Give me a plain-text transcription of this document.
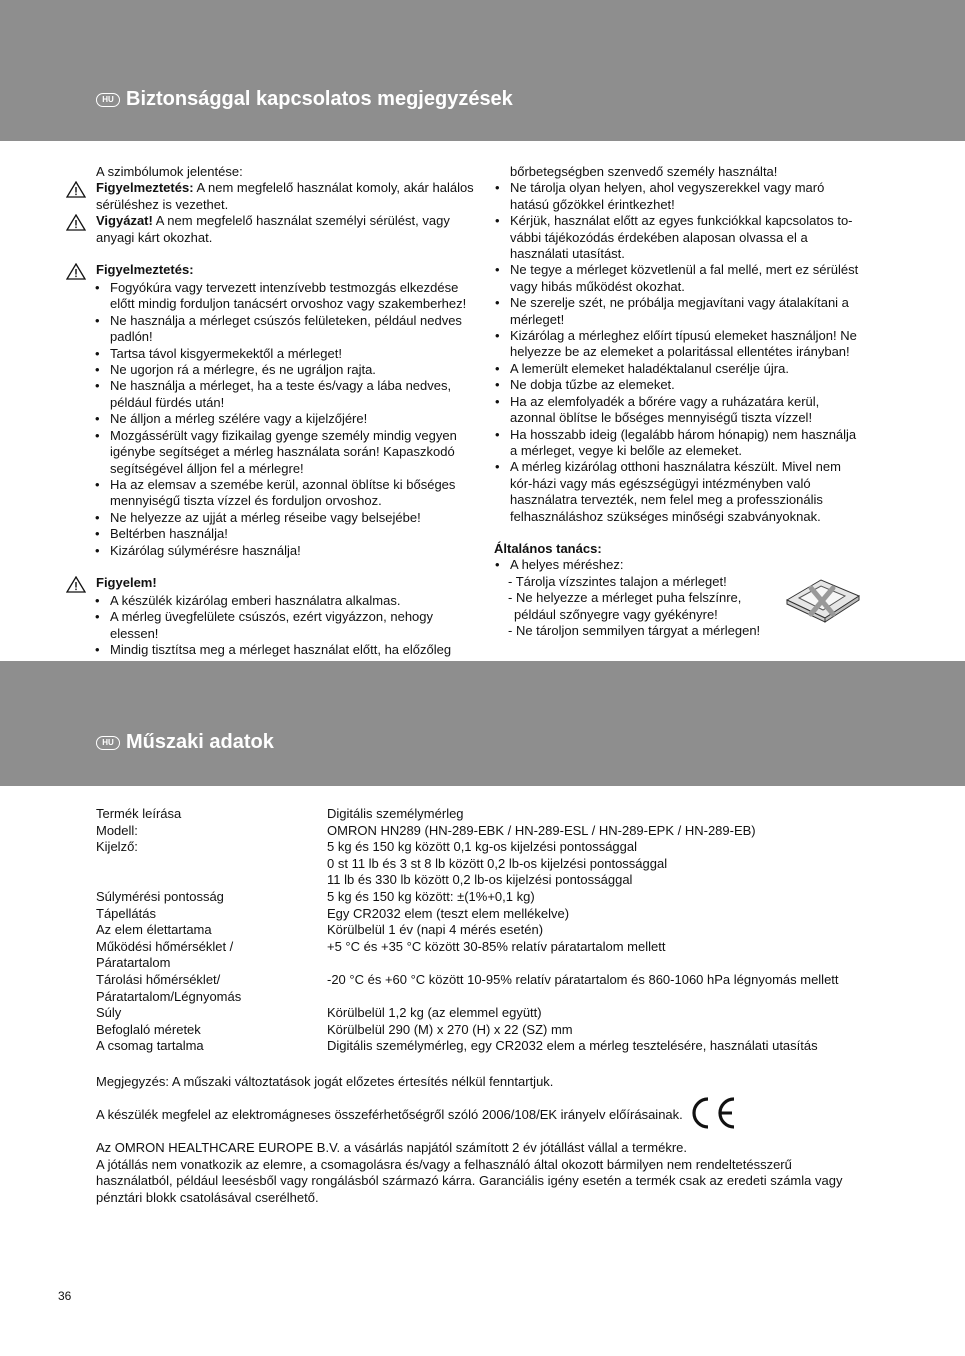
HU Biztonsággal kapcsolatos megjegyzések
A szimbólumok jelentése:
Figyelmeztetés: A nem megfelelő használat komoly, akár halálos sérüléshez is vezethet.
Vigyázat! A nem megfelelő használat személyi sérülést, vagy anyagi kárt okozhat.
Figyelmeztetés:
• Fogyókúra vagy tervezett intenzívebb testmozgás elkezdése előtt mindig forduljon tanácsért orvoshoz vagy szakemberhez!
• Ne használja a mérleget csúszós felületeken, például nedves padlón!
• Tartsa távol kisgyermekektől a mérleget!
• Ne ugorjon rá a mérlegre, és ne ugráljon rajta.
• Ne használja a mérleget, ha a teste és/vagy a lába nedves, például fürdés után!
• Ne álljon a mérleg szélére vagy a kijelzőjére!
• Mozgássérült vagy fizikailag gyenge személy mindig vegyen igénybe segítséget a mérleg használata során! Kapaszkodó segítségével álljon fel a mérlegre!
• Ha az elemsav a szemébe kerül, azonnal öblítse ki bőséges mennyiségű tiszta vízzel és forduljon orvoshoz.
• Ne helyezze az ujját a mérleg réseibe vagy belsejébe!
• Beltérben használja!
• Kizárólag súlymérésre használja!
Figyelem!
• A készülék kizárólag emberi használatra alkalmas.
• A mérleg üvegfelülete csúszós, ezért vigyázzon, nehogy elessen!
• Mindig tisztítsa meg a mérleget használat előtt, ha előzőleg
bőrbetegségben szenvedő személy használta!
• Ne tárolja olyan helyen, ahol vegyszerekkel vagy maró hatású gőzökkel érintkezhet!
• Kérjük, használat előtt az egyes funkciókkal kapcsolatos to-vábbi tájékozódás érdekében alaposan olvassa el a használati utasítást.
• Ne tegye a mérleget közvetlenül a fal mellé, mert ez sérülést vagy hibás működést okozhat.
• Ne szerelje szét, ne próbálja megjavítani vagy átalakítani a mérleget!
• Kizárólag a mérleghez előírt típusú elemeket használjon! Ne helyezze be az elemeket a polaritással ellentétes irányban!
• A lemerült elemeket haladéktalanul cserélje újra.
• Ne dobja tűzbe az elemeket.
• Ha az elemfolyadék a bőrére vagy a ruházatára kerül, azonnal öblítse le bőséges mennyiségű tiszta vízzel!
• Ha hosszabb ideig (legalább három hónapig) nem használja a mérleget, vegye ki belőle az elemeket.
• A mérleg kizárólag otthoni használatra készült. Mivel nem kór-házi vagy más egészségügyi intézményben való használatra tervezték, nem felel meg a professzionális felhasználáshoz szükséges minőségi szabványoknak.
Általános tanács:
• A helyes méréshez:
- Tárolja vízszintes talajon a mérleget!
- Ne helyezze a mérleget puha felszínre,
például szőnyegre vagy gyékényre!
- Ne tároljon semmilyen tárgyat a mérlegen!
HU Műszaki adatok
Termék leírása	Digitális személymérleg
Modell:	OMRON HN289 (HN-289-EBK / HN-289-ESL / HN-289-EPK / HN-289-EB)
Kijelző:	5 kg és 150 kg között 0,1 kg-os kijelzési pontossággal
0 st 11 lb és 3 st 8 lb között 0,2 lb-os kijelzési pontossággal
11 lb és 330 lb között 0,2 lb-os kijelzési pontossággal
Súlymérési pontosság	5 kg és 150 kg között: ±(1%+0,1 kg)
Tápellátás	Egy CR2032 elem (teszt elem mellékelve)
Az elem élettartama	Körülbelül 1 év (napi 4 mérés esetén)
Működési hőmérséklet /	+5 °C és +35 °C között 30-85% relatív páratartalom mellett
Páratartalom
Tárolási hőmérséklet/	-20 °C és +60 °C között 10-95% relatív páratartalom és 860-1060 hPa légnyomás mellett
Páratartalom/Légnyomás
Súly	Körülbelül 1,2 kg (az elemmel együtt)
Befoglaló méretek	Körülbelül 290 (M) x 270 (H) x 22 (SZ) mm
A csomag tartalma	Digitális személymérleg, egy CR2032 elem a mérleg tesztelésére, használati utasítás
Megjegyzés: A műszaki változtatások jogát előzetes értesítés nélkül fenntartjuk.
A készülék megfelel az elektromágneses összeférhetőségről szóló 2006/108/EK irányelv előírásainak.
Az OMRON HEALTHCARE EUROPE B.V. a vásárlás napjától számított 2 év jótállást vállal a termékre.
A jótállás nem vonatkozik az elemre, a csomagolásra és/vagy a felhasználó által okozott bármilyen nem rendeltetésszerű használatból, például leesésből vagy rongálásból származó kárra. Garanciális igény esetén a termék csak az eredeti számla vagy pénztári blokk csatolásával cserélhető.
36
